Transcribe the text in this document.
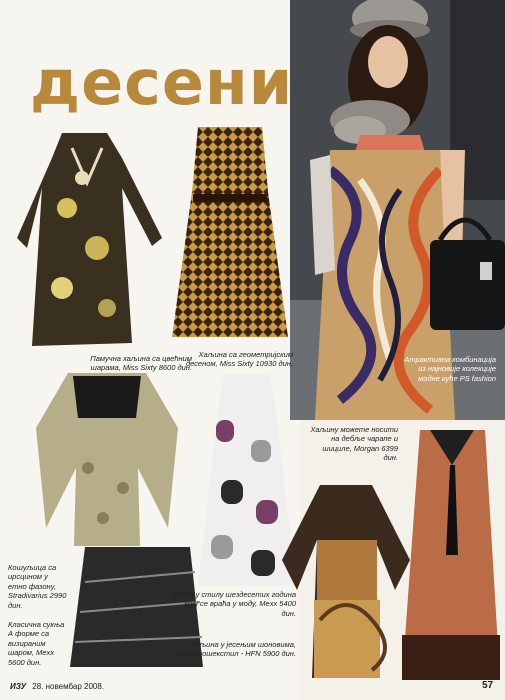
десени
Памучна хаљина са цвећним шарама, Miss Sixty 8600 дин.
Хаљина са геометријским десеном, Miss Sixty 10930 дин.	Атрактивна комбинација из најновије колекције модне куће PS fashion
Кошуљица са ирсцином у етно фазону, Stradivarius 2990 дин.
Класична сукња А форме са визираним шаром, Mexx 5600 дин.
Десен у стилу шездесетих година који се враћа у моду, Mexx 5400 дин.
Хаљину можете носити на дебље чарапе и шициле, Morgan 6399 дин.
Хаљина у јесењим шоновима, Центрошекстил - HFN 5900 дин.
ИЗУ 28. новембар 2008.	57
